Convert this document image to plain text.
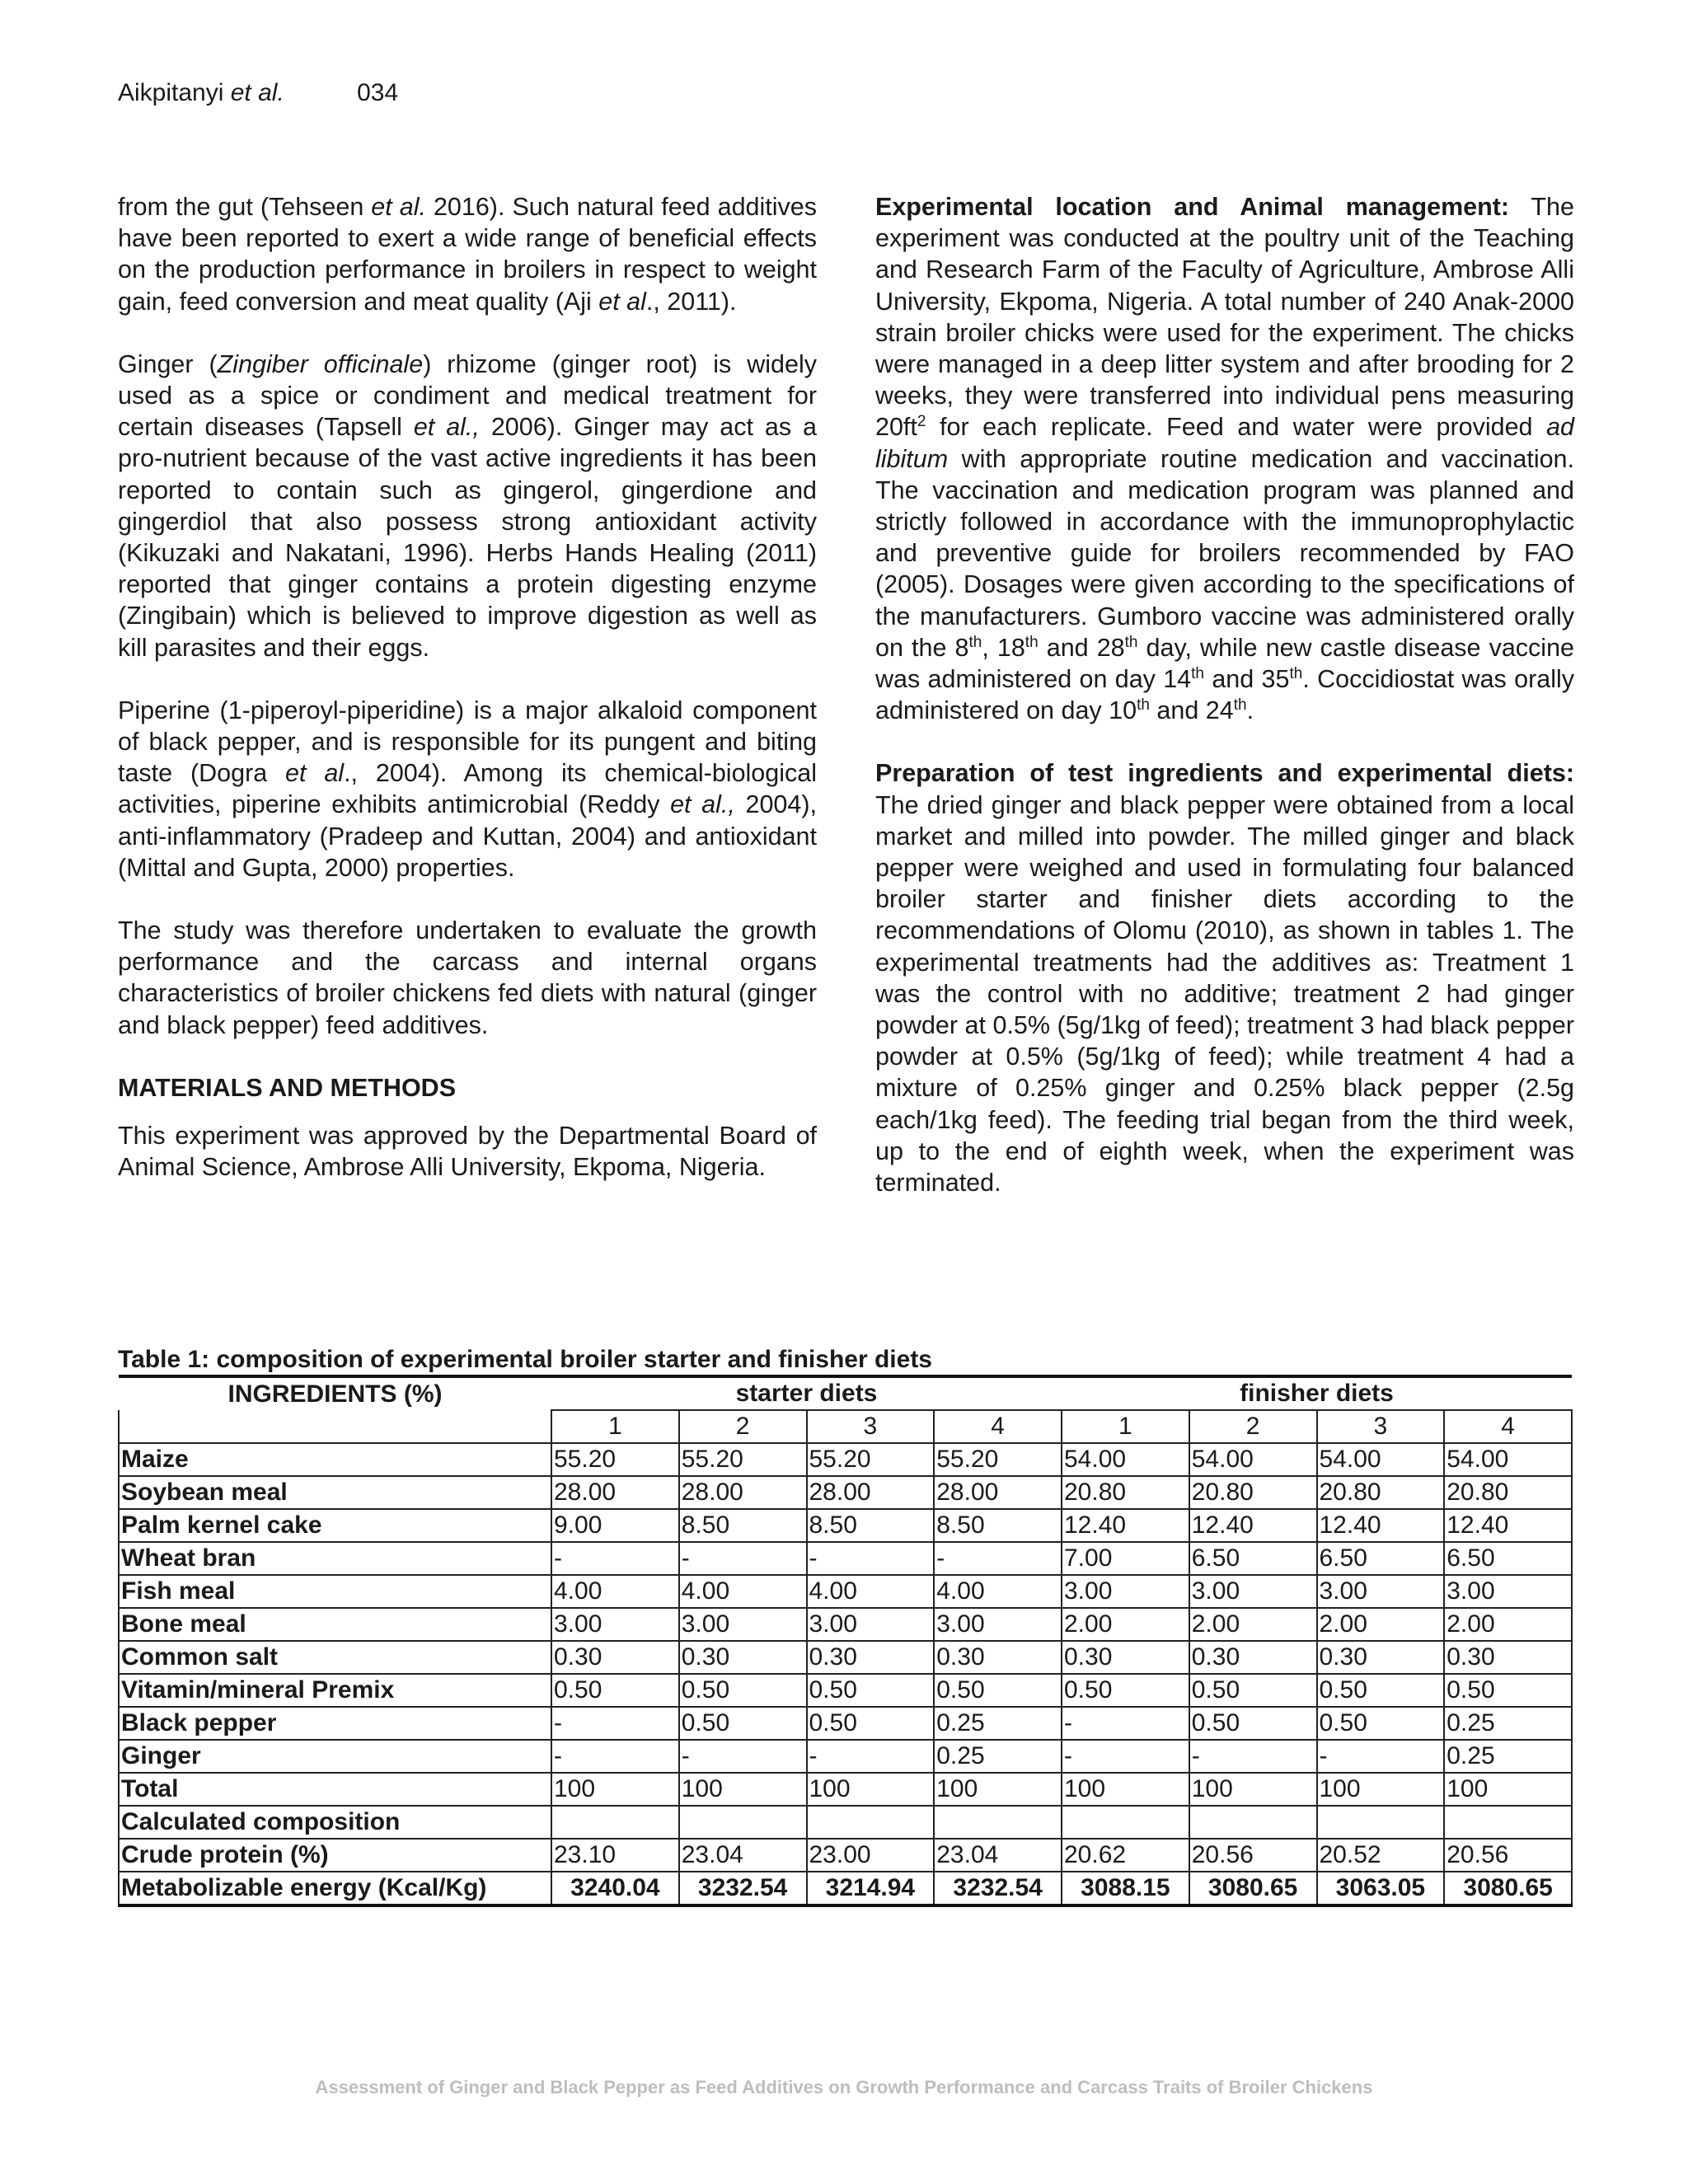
Aikpitanyi et al.	034

from the gut (Tehseen et al. 2016). Such natural feed additives have been reported to exert a wide range of beneficial effects on the production performance in broilers in respect to weight gain, feed conversion and meat quality (Aji et al., 2011).

Ginger (Zingiber officinale) rhizome (ginger root) is widely used as a spice or condiment and medical treatment for certain diseases (Tapsell et al., 2006). Ginger may act as a pro-nutrient because of the vast active ingredients it has been reported to contain such as gingerol, gingerdione and gingerdiol that also possess strong antioxidant activity (Kikuzaki and Nakatani, 1996). Herbs Hands Healing (2011) reported that ginger contains a protein digesting enzyme (Zingibain) which is believed to improve digestion as well as kill parasites and their eggs.

Piperine (1‑piperoyl‑piperidine) is a major alkaloid component of black pepper, and is responsible for its pungent and biting taste (Dogra et al., 2004). Among its chemical‑biological activities, piperine exhibits antimicrobial (Reddy et al., 2004), anti‑inflammatory (Pradeep and Kuttan, 2004) and antioxidant (Mittal and Gupta, 2000) properties.

The study was therefore undertaken to evaluate the growth performance and the carcass and internal organs characteristics of broiler chickens fed diets with natural (ginger and black pepper) feed additives.

MATERIALS AND METHODS

This experiment was approved by the Departmental Board of Animal Science, Ambrose Alli University, Ekpoma, Nigeria.

Experimental location and Animal management: The experiment was conducted at the poultry unit of the Teaching and Research Farm of the Faculty of Agriculture, Ambrose Alli University, Ekpoma, Nigeria. A total number of 240 Anak-2000 strain broiler chicks were used for the experiment. The chicks were managed in a deep litter system and after brooding for 2 weeks, they were transferred into individual pens measuring $20ft^2$ for each replicate. Feed and water were provided ad libitum with appropriate routine medication and vaccination. The vaccination and medication program was planned and strictly followed in accordance with the immunoprophylactic and preventive guide for broilers recommended by FAO (2005). Dosages were given according to the specifications of the manufacturers. Gumboro vaccine was administered orally on the 8th, 18th and 28th day, while new castle disease vaccine was administered on day 14th and 35th. Coccidiostat was orally administered on day 10th and 24th.

Preparation of test ingredients and experimental diets: The dried ginger and black pepper were obtained from a local market and milled into powder. The milled ginger and black pepper were weighed and used in formulating four balanced broiler starter and finisher diets according to the recommendations of Olomu (2010), as shown in tables 1. The experimental treatments had the additives as: Treatment 1 was the control with no additive; treatment 2 had ginger powder at 0.5% (5g/1kg of feed); treatment 3 had black pepper powder at 0.5% (5g/1kg of feed); while treatment 4 had a mixture of 0.25% ginger and 0.25% black pepper (2.5g each/1kg feed). The feeding trial began from the third week, up to the end of eighth week, when the experiment was terminated.

Table 1: composition of experimental broiler starter and finisher diets
INGREDIENTS (%)	starter diets				finisher diets			
	1	2	3	4	1	2	3	4
Maize	55.20	55.20	55.20	55.20	54.00	54.00	54.00	54.00
Soybean meal	28.00	28.00	28.00	28.00	20.80	20.80	20.80	20.80
Palm kernel cake	9.00	8.50	8.50	8.50	12.40	12.40	12.40	12.40
Wheat bran	-	-	-	-	7.00	6.50	6.50	6.50
Fish meal	4.00	4.00	4.00	4.00	3.00	3.00	3.00	3.00
Bone meal	3.00	3.00	3.00	3.00	2.00	2.00	2.00	2.00
Common salt	0.30	0.30	0.30	0.30	0.30	0.30	0.30	0.30
Vitamin/mineral Premix	0.50	0.50	0.50	0.50	0.50	0.50	0.50	0.50
Black pepper	-	0.50	0.50	0.25	-	0.50	0.50	0.25
Ginger	-	-	-	0.25	-	-	-	0.25
Total	100	100	100	100	100	100	100	100
Calculated composition								
Crude protein (%)	23.10	23.04	23.00	23.04	20.62	20.56	20.52	20.56
Metabolizable energy (Kcal/Kg)	3240.04	3232.54	3214.94	3232.54	3088.15	3080.65	3063.05	3080.65
Assessment of Ginger and Black Pepper as Feed Additives on Growth Performance and Carcass Traits of Broiler Chickens
